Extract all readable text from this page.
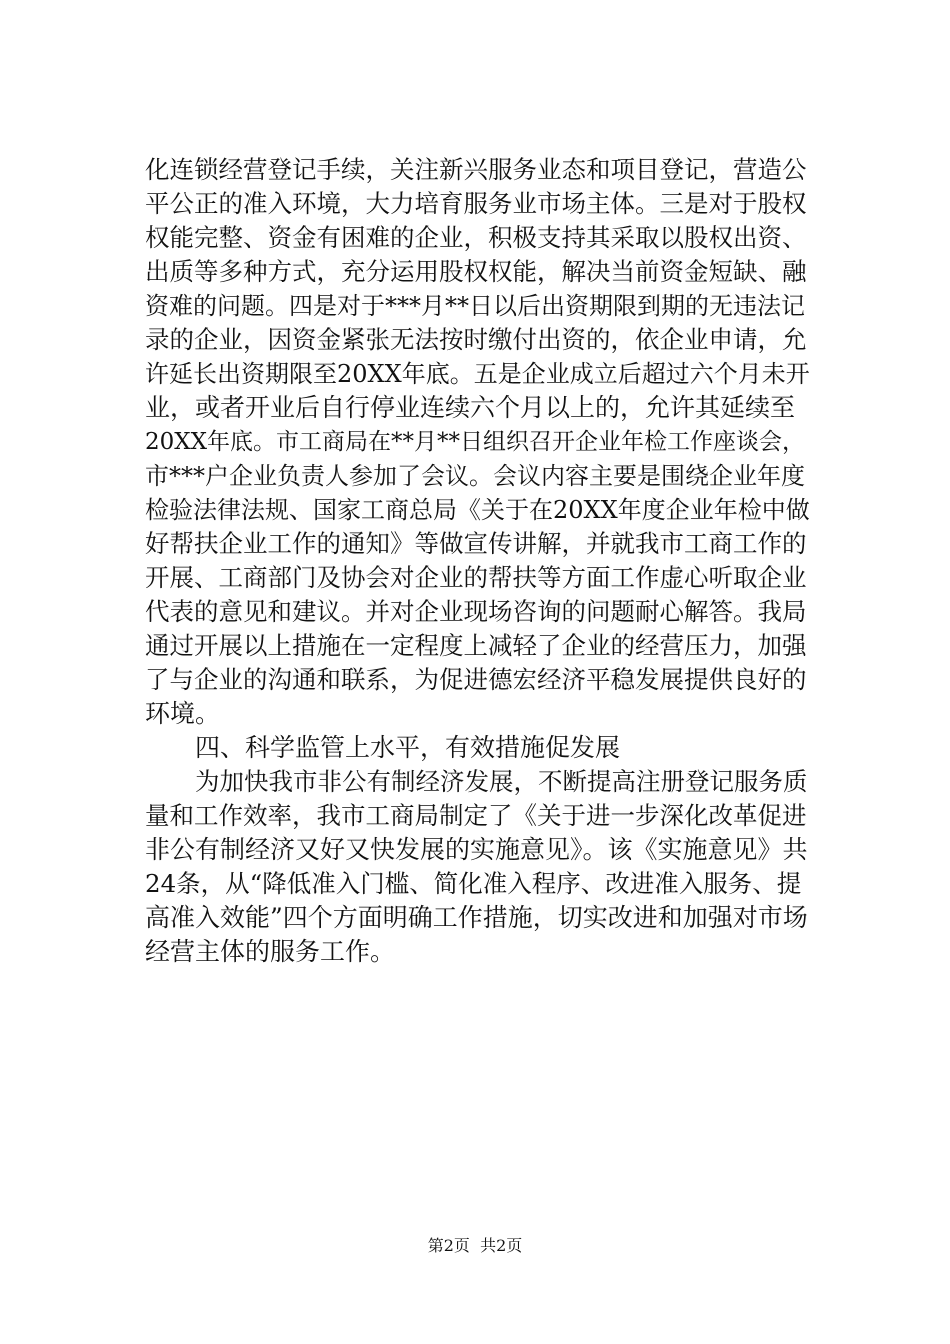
化连锁经营登记手续，关注新兴服务业态和项目登记，营造公
平公正的准入环境，大力培育服务业市场主体。三是对于股权
权能完整、资金有困难的企业，积极支持其采取以股权出资、
出质等多种方式，充分运用股权权能，解决当前资金短缺、融
资难的问题。四是对于***月**日以后出资期限到期的无违法记
录的企业，因资金紧张无法按时缴付出资的，依企业申请，允
许延长出资期限至20XX年底。五是企业成立后超过六个月未开
业，或者开业后自行停业连续六个月以上的，允许其延续至
20XX年底。市工商局在**月**日组织召开企业年检工作座谈会，
市***户企业负责人参加了会议。会议内容主要是围绕企业年度
检验法律法规、国家工商总局《关于在20XX年度企业年检中做
好帮扶企业工作的通知》等做宣传讲解，并就我市工商工作的
开展、工商部门及协会对企业的帮扶等方面工作虚心听取企业
代表的意见和建议。并对企业现场咨询的问题耐心解答。我局
通过开展以上措施在一定程度上减轻了企业的经营压力，加强
了与企业的沟通和联系，为促进德宏经济平稳发展提供良好的
环境。
四、科学监管上水平，有效措施促发展
为加快我市非公有制经济发展，不断提高注册登记服务质
量和工作效率，我市工商局制定了《关于进一步深化改革促进
非公有制经济又好又快发展的实施意见》。该《实施意见》共
24条，从“降低准入门槛、简化准入程序、改进准入服务、提
高准入效能”四个方面明确工作措施，切实改进和加强对市场
经营主体的服务工作。
第2页  共2页
